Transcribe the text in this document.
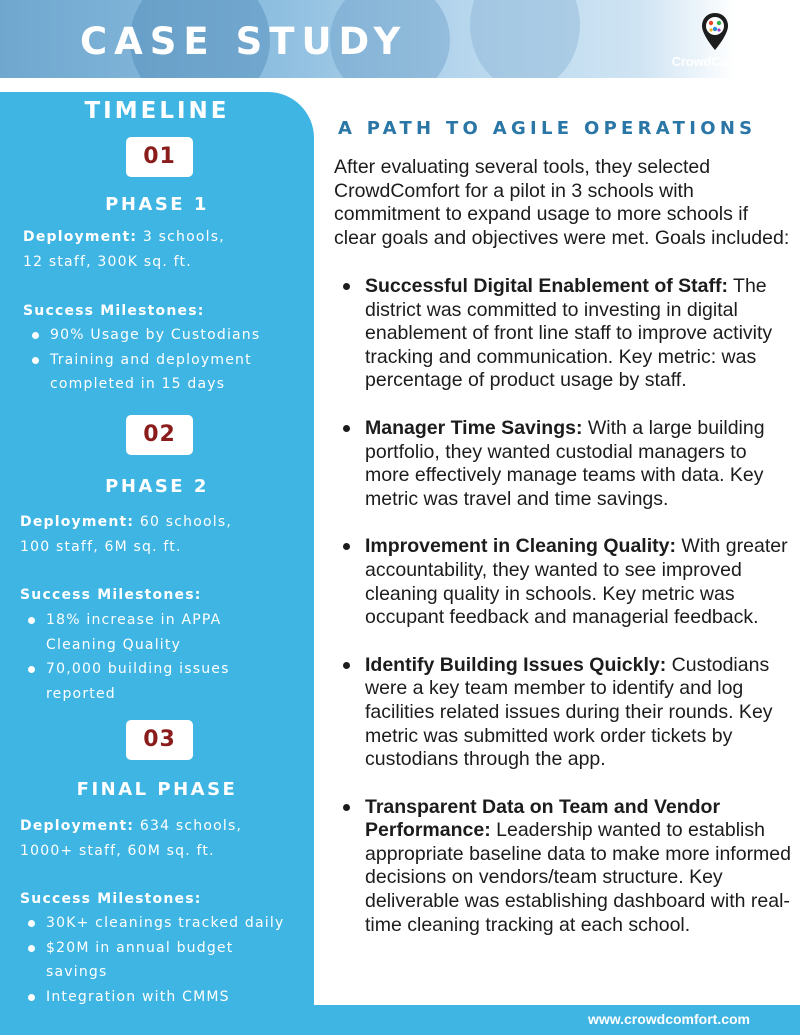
CASE STUDY	CrowdComfort
TIMELINE
01
PHASE 1
Deployment: 3 schools,
12 staff, 300K sq. ft.
Success Milestones:
90% Usage by Custodians
Training and deployment
completed in 15 days
02
PHASE 2
Deployment: 60 schools,
100 staff, 6M sq. ft.
Success Milestones:
18% increase in APPA
Cleaning Quality
70,000 building issues
reported
03
FINAL PHASE
Deployment: 634 schools,
1000+ staff, 60M sq. ft.
Success Milestones:
30K+ cleanings tracked daily
$20M in annual budget
savings
Integration with CMMS
A PATH TO AGILE OPERATIONS

After evaluating several tools, they selected CrowdComfort for a pilot in 3 schools with commitment to expand usage to more schools if clear goals and objectives were met. Goals included:

Successful Digital Enablement of Staff: The district was committed to investing in digital enablement of front line staff to improve activity tracking and communication. Key metric: was percentage of product usage by staff.
Manager Time Savings: With a large building portfolio, they wanted custodial managers to more effectively manage teams with data. Key metric was travel and time savings.
Improvement in Cleaning Quality: With greater accountability, they wanted to see improved cleaning quality in schools. Key metric was occupant feedback and managerial feedback.
Identify Building Issues Quickly: Custodians were a key team member to identify and log facilities related issues during their rounds. Key metric was submitted work order tickets by custodians through the app.
Transparent Data on Team and Vendor Performance: Leadership wanted to establish appropriate baseline data to make more informed decisions on vendors/team structure. Key deliverable was establishing dashboard with real-time cleaning tracking at each school.
www.crowdcomfort.com
